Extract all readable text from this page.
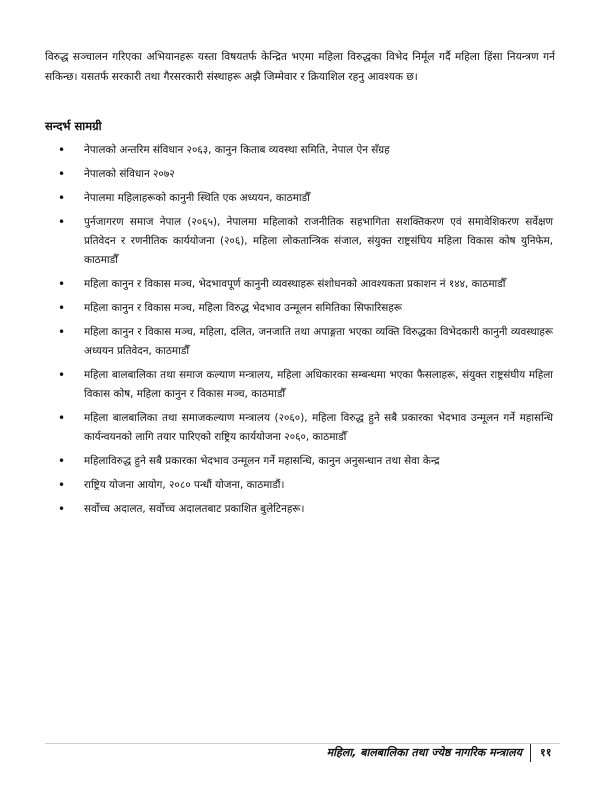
विरुद्ध सञ्चालन गरिएका अभियानहरू यस्ता विषयतर्फ केन्द्रित भएमा महिला विरुद्धका विभेद निर्मूल गर्दै महिला हिंसा नियन्त्रण गर्न सकिन्छ। यसतर्फ सरकारी तथा गैरसरकारी संस्थाहरू अझै जिम्मेवार र क्रियाशिल रहनु आवश्यक छ।

सन्दर्भ सामग्री
• नेपालको अन्तरिम संविधान २०६३, कानुन किताब व्यवस्था समिति, नेपाल ऐन सँग्रह
• नेपालको संविधान २०७२
• नेपालमा महिलाहरूको कानुनी स्थिति एक अध्ययन, काठमाडौँ
• पुर्नजागरण समाज नेपाल (२०६५), नेपालमा महिलाको राजनीतिक सहभागिता सशक्तिकरण एवं समावेशिकरण सर्वेक्षण प्रतिवेदन र रणनीतिक कार्ययोजना (२०६), महिला लोकतान्त्रिक संजाल, संयुक्त राष्ट्रसंघिय महिला विकास कोष युनिफेम, काठमाडौँ
• महिला कानुन र विकास मञ्च, भेदभावपूर्ण कानुनी व्यवस्थाहरू संशोधनको आवश्यकता प्रकाशन नं १४४, काठमाडौँ
• महिला कानुन र विकास मञ्च, महिला विरुद्ध भेदभाव उन्मूलन समितिका सिफारिसहरू
• महिला कानुन र विकास मञ्च, महिला, दलित, जनजाति तथा अपाङ्गता भएका व्यक्ति विरुद्धका विभेदकारी कानुनी व्यवस्थाहरू अध्ययन प्रतिवेदन, काठमाडौँ
• महिला बालबालिका तथा समाज कल्याण मन्त्रालय, महिला अधिकारका सम्बन्धमा भएका फैसलाहरू, संयुक्त राष्ट्रसंघीय महिला विकास कोष, महिला कानुन र विकास मञ्च, काठमाडौँ
• महिला बालबालिका तथा समाजकल्याण मन्त्रालय (२०६०), महिला विरुद्ध हुने सबै प्रकारका भेदभाव उन्मूलन गर्ने महासन्धि कार्यन्वयनको लागि तयार पारिएको राष्ट्रिय कार्ययोजना २०६०, काठमाडौँ
• महिलाविरुद्ध हुने सबै प्रकारका भेदभाव उन्मूलन गर्ने महासन्धि, कानुन अनुसन्धान तथा सेवा केन्द्र
• राष्ट्रिय योजना आयोग, २०८० पन्धौं योजना, काठमाडौं।
• सर्वोच्च अदालत, सर्वोच्च अदालतबाट प्रकाशित बुलेटिनहरू।
महिला, बालबालिका तथा ज्येष्ठ नागरिक मन्त्रालय ११
